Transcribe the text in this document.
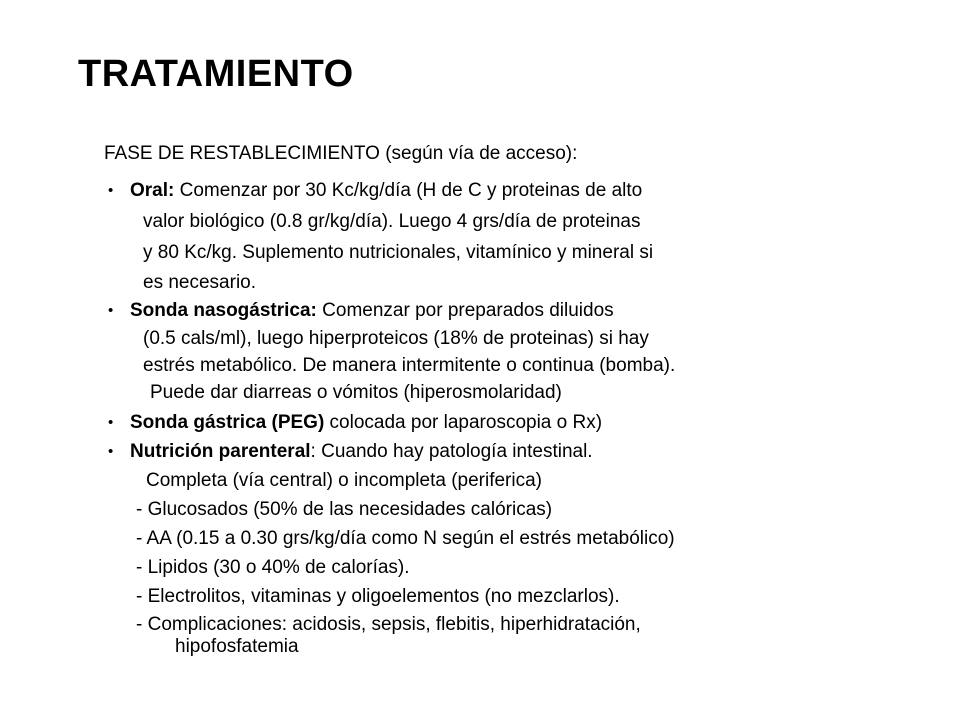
TRATAMIENTO
FASE DE RESTABLECIMIENTO (según vía de acceso):
• Oral: Comenzar por 30 Kc/kg/día (H de C y proteinas de alto
valor biológico (0.8 gr/kg/día). Luego 4 grs/día de proteinas
y 80 Kc/kg. Suplemento nutricionales, vitamínico y mineral si
es necesario.
• Sonda nasogástrica: Comenzar por preparados diluidos
(0.5 cals/ml), luego hiperproteicos (18% de proteinas) si hay
estrés metabólico. De manera intermitente o continua (bomba).
Puede dar diarreas o vómitos (hiperosmolaridad)
• Sonda gástrica (PEG) colocada por laparoscopia o Rx)
• Nutrición parenteral: Cuando hay patología intestinal.
Completa (vía central) o incompleta (periferica)
- Glucosados (50% de las necesidades calóricas)
- AA (0.15 a 0.30 grs/kg/día como N según el estrés metabólico)
- Lipidos (30 o 40% de calorías).
- Electrolitos, vitaminas y oligoelementos (no mezclarlos).
- Complicaciones: acidosis, sepsis, flebitis, hiperhidratación,
hipofosfatemia
